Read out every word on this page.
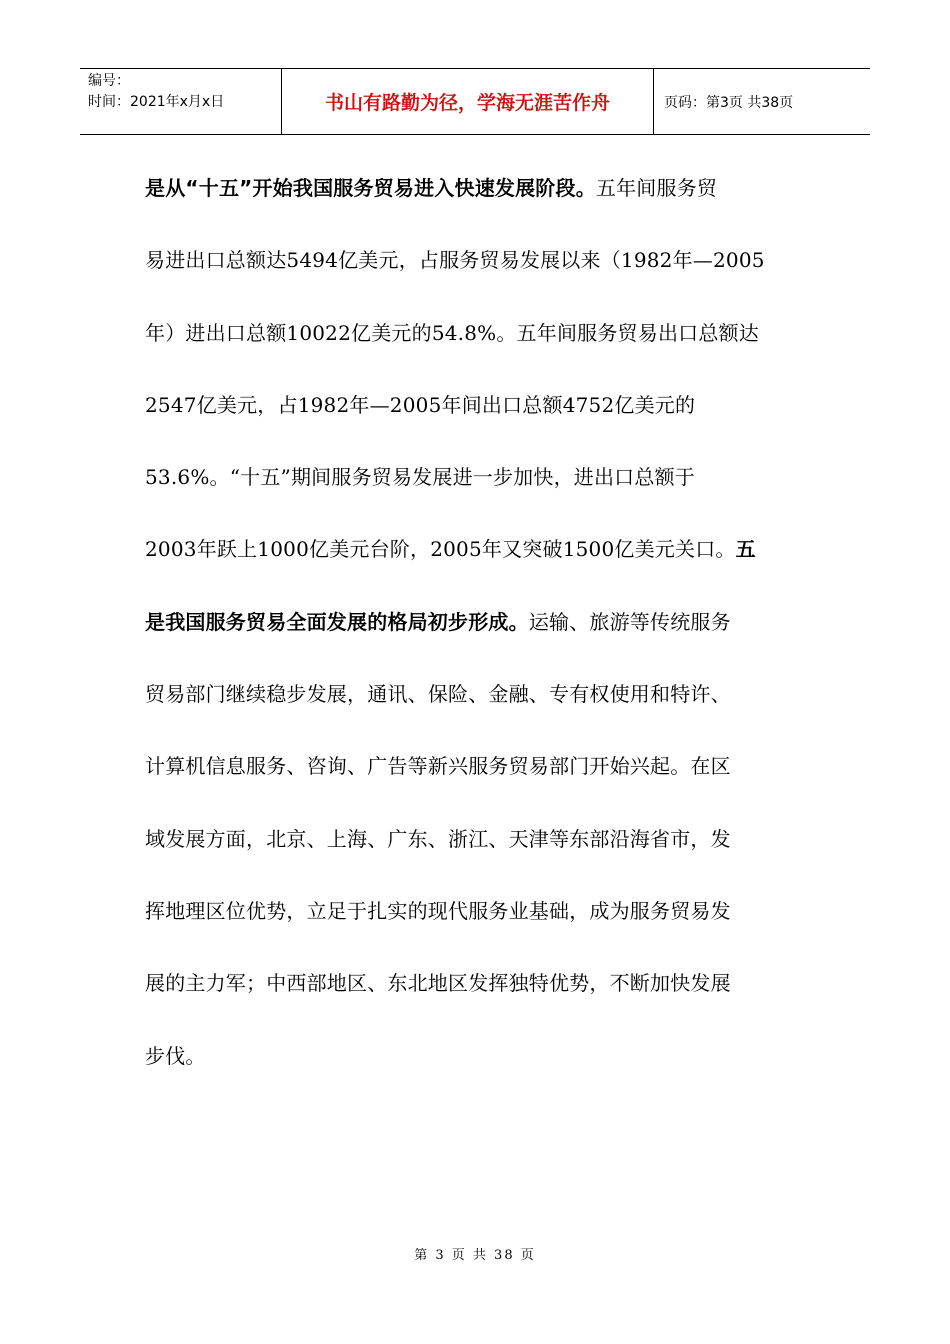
编号：
时间：2021年x月x日	书山有路勤为径，学海无涯苦作舟	页码：第3页 共38页
是从“十五”开始我国服务贸易进入快速发展阶段。五年间服务贸
易进出口总额达5494亿美元，占服务贸易发展以来（1982年—2005
年）进出口总额10022亿美元的54.8%。五年间服务贸易出口总额达
2547亿美元，占1982年—2005年间出口总额4752亿美元的
53.6%。“十五”期间服务贸易发展进一步加快，进出口总额于
2003年跃上1000亿美元台阶，2005年又突破1500亿美元关口。五
是我国服务贸易全面发展的格局初步形成。运输、旅游等传统服务
贸易部门继续稳步发展，通讯、保险、金融、专有权使用和特许、
计算机信息服务、咨询、广告等新兴服务贸易部门开始兴起。在区
域发展方面，北京、上海、广东、浙江、天津等东部沿海省市，发
挥地理区位优势，立足于扎实的现代服务业基础，成为服务贸易发
展的主力军；中西部地区、东北地区发挥独特优势，不断加快发展
步伐。
第 3 页 共 38 页
